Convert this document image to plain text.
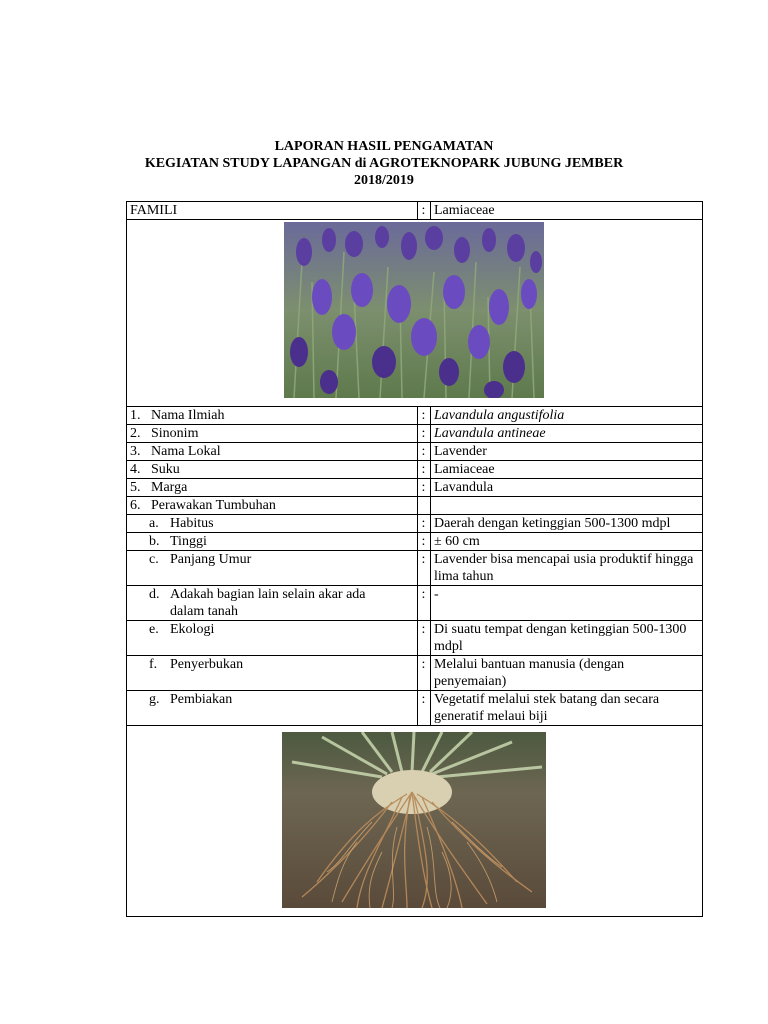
LAPORAN HASIL PENGAMATAN
KEGIATAN STUDY LAPANGAN di AGROTEKNOPARK JUBUNG JEMBER
2018/2019
FAMILI	:	Lamiaceae

1. Nama Ilmiah	:	Lavandula angustifolia
2. Sinonim	:	Lavandula antineae
3. Nama Lokal	:	Lavender
4. Suku	:	Lamiaceae
5. Marga	:	Lavandula
6. Perawakan Tumbuhan		
a. Habitus	:	Daerah dengan ketinggian 500-1300 mdpl
b. Tinggi	:	± 60 cm
c. Panjang Umur	:	Lavender bisa mencapai usia produktif hingga lima tahun
d. Adakah bagian lain selain akar ada dalam tanah	:	-
e. Ekologi	:	Di suatu tempat dengan ketinggian 500-1300 mdpl
f. Penyerbukan	:	Melalui bantuan manusia (dengan penyemaian)
g. Pembiakan	:	Vegetatif melalui stek batang dan secara generatif melaui biji
